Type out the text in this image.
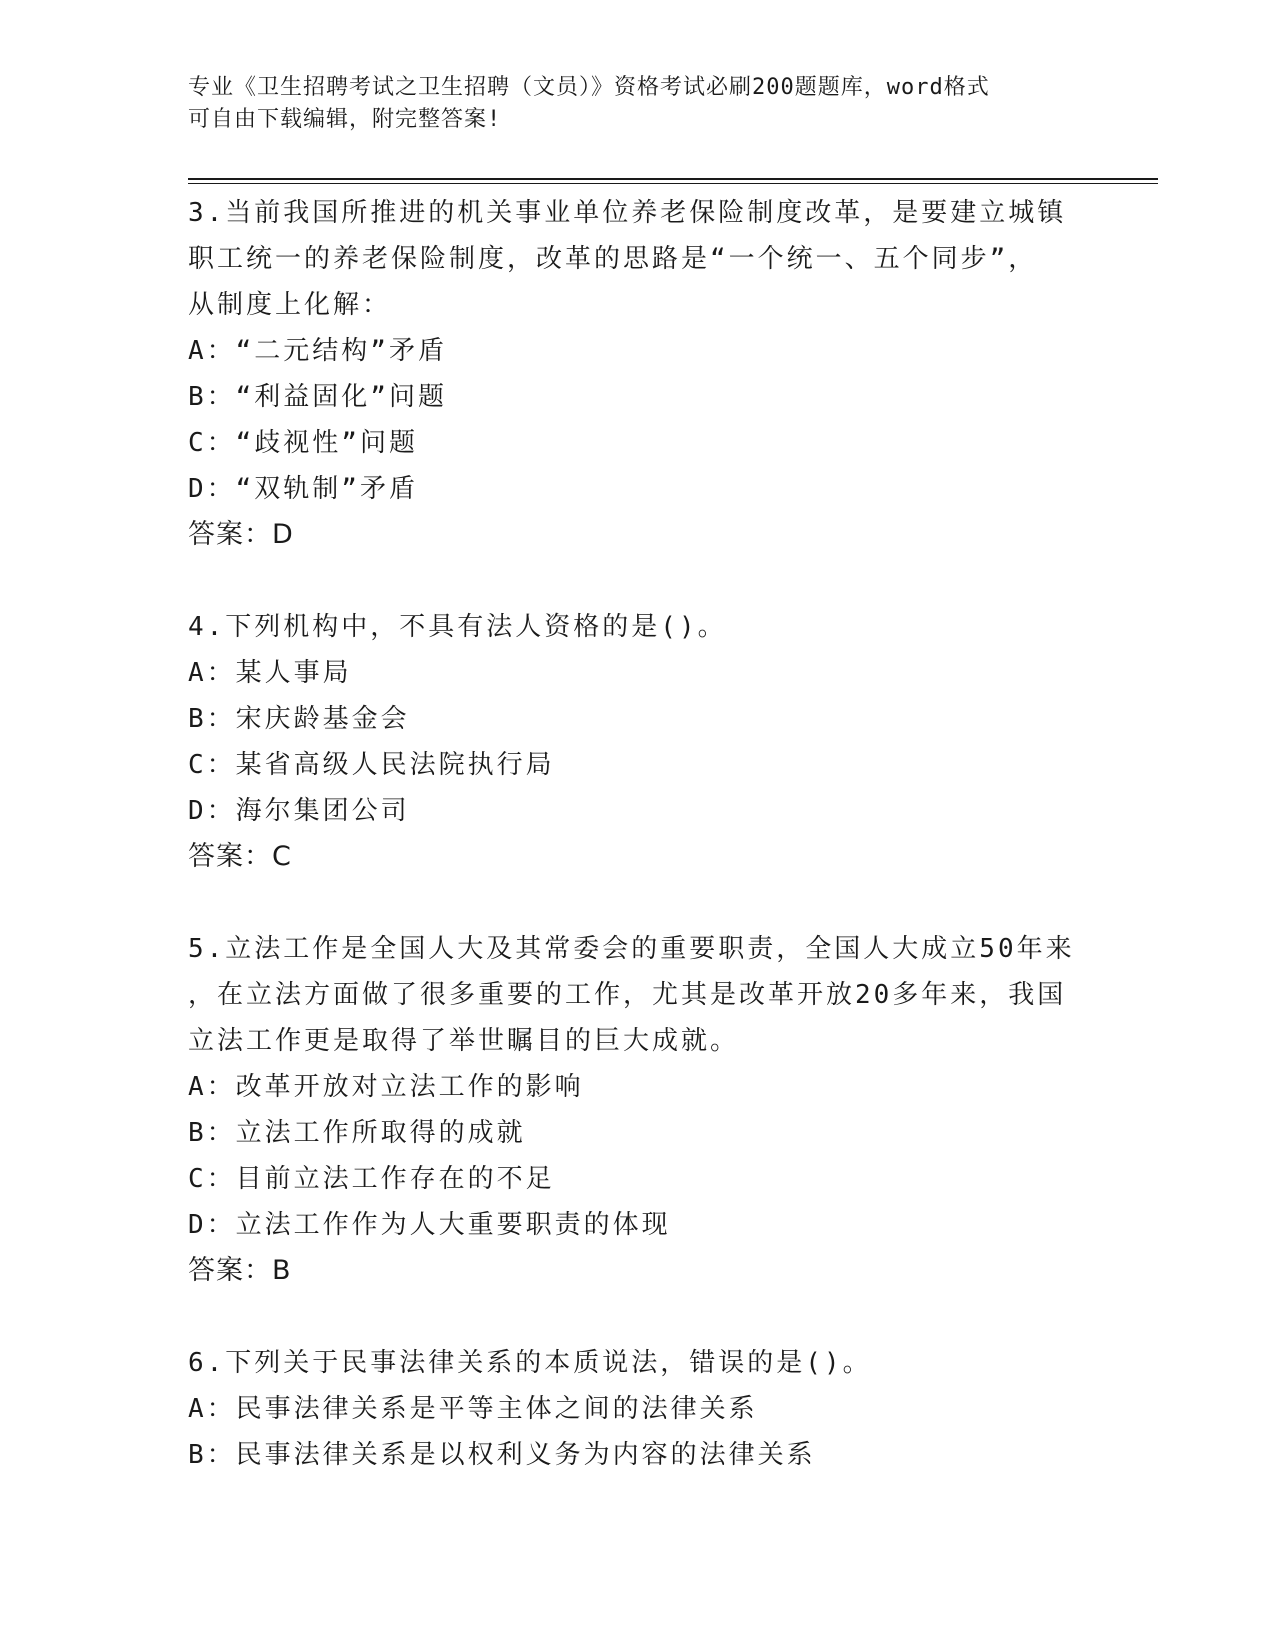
专业《卫生招聘考试之卫生招聘（文员）》资格考试必刷200题题库，word格式
可自由下载编辑，附完整答案!
3.当前我国所推进的机关事业单位养老保险制度改革，是要建立城镇
职工统一的养老保险制度，改革的思路是“一个统一、五个同步”，
从制度上化解：
A：“二元结构”矛盾
B：“利益固化”问题
C：“歧视性”问题
D：“双轨制”矛盾
答案：D
4.下列机构中，不具有法人资格的是()。
A：某人事局
B：宋庆龄基金会
C：某省高级人民法院执行局
D：海尔集团公司
答案：C
5.立法工作是全国人大及其常委会的重要职责，全国人大成立50年来
，在立法方面做了很多重要的工作，尤其是改革开放20多年来，我国
立法工作更是取得了举世瞩目的巨大成就。
A：改革开放对立法工作的影响
B：立法工作所取得的成就
C：目前立法工作存在的不足
D：立法工作作为人大重要职责的体现
答案：B
6.下列关于民事法律关系的本质说法，错误的是()。
A：民事法律关系是平等主体之间的法律关系
B：民事法律关系是以权利义务为内容的法律关系
